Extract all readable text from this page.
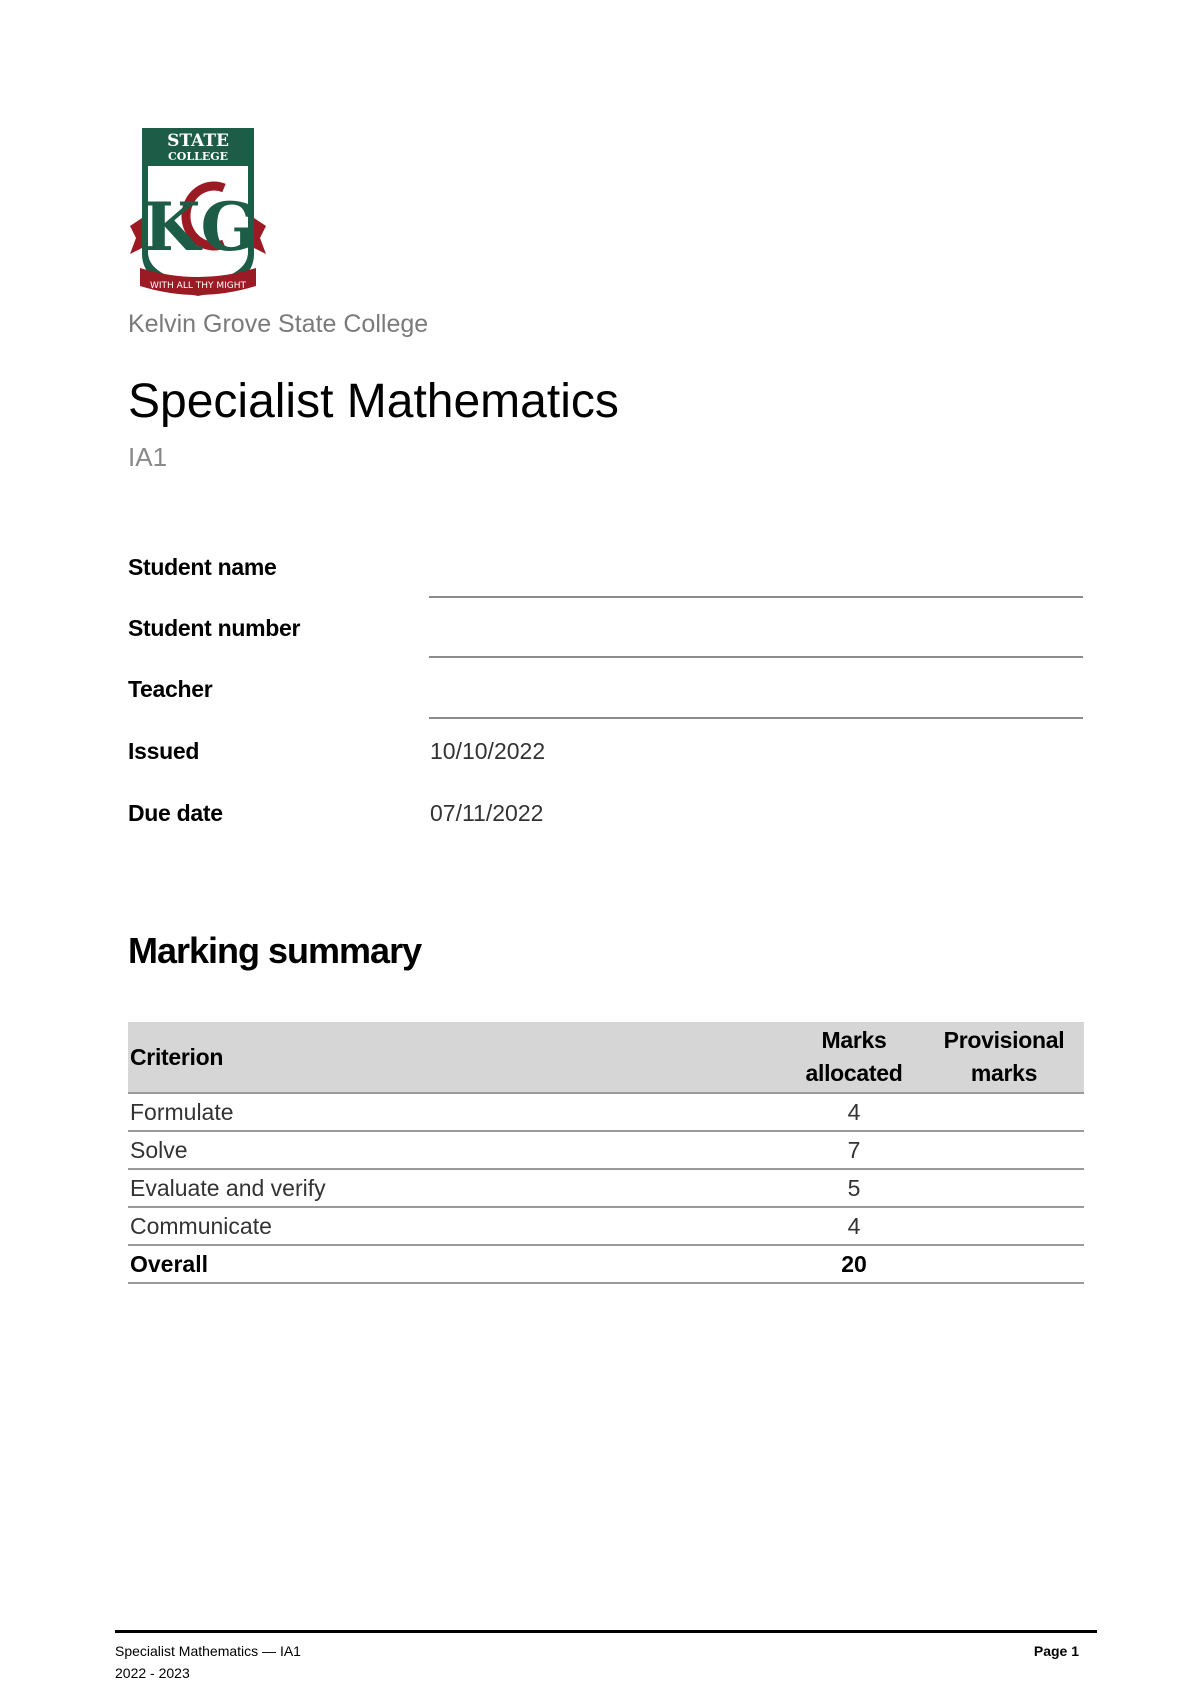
STATE
COLLEGE
KG
WITH ALL THY MIGHT
Kelvin Grove State College
Specialist Mathematics
IA1
Student name
Student number
Teacher
Issued	10/10/2022
Due date	07/11/2022
Marking summary
Criterion	Marks allocated	Provisional marks
Formulate	4	
Solve	7	
Evaluate and verify	5	
Communicate	4	
Overall	20	
Specialist Mathematics — IA1
2022 - 2023
Page 1
